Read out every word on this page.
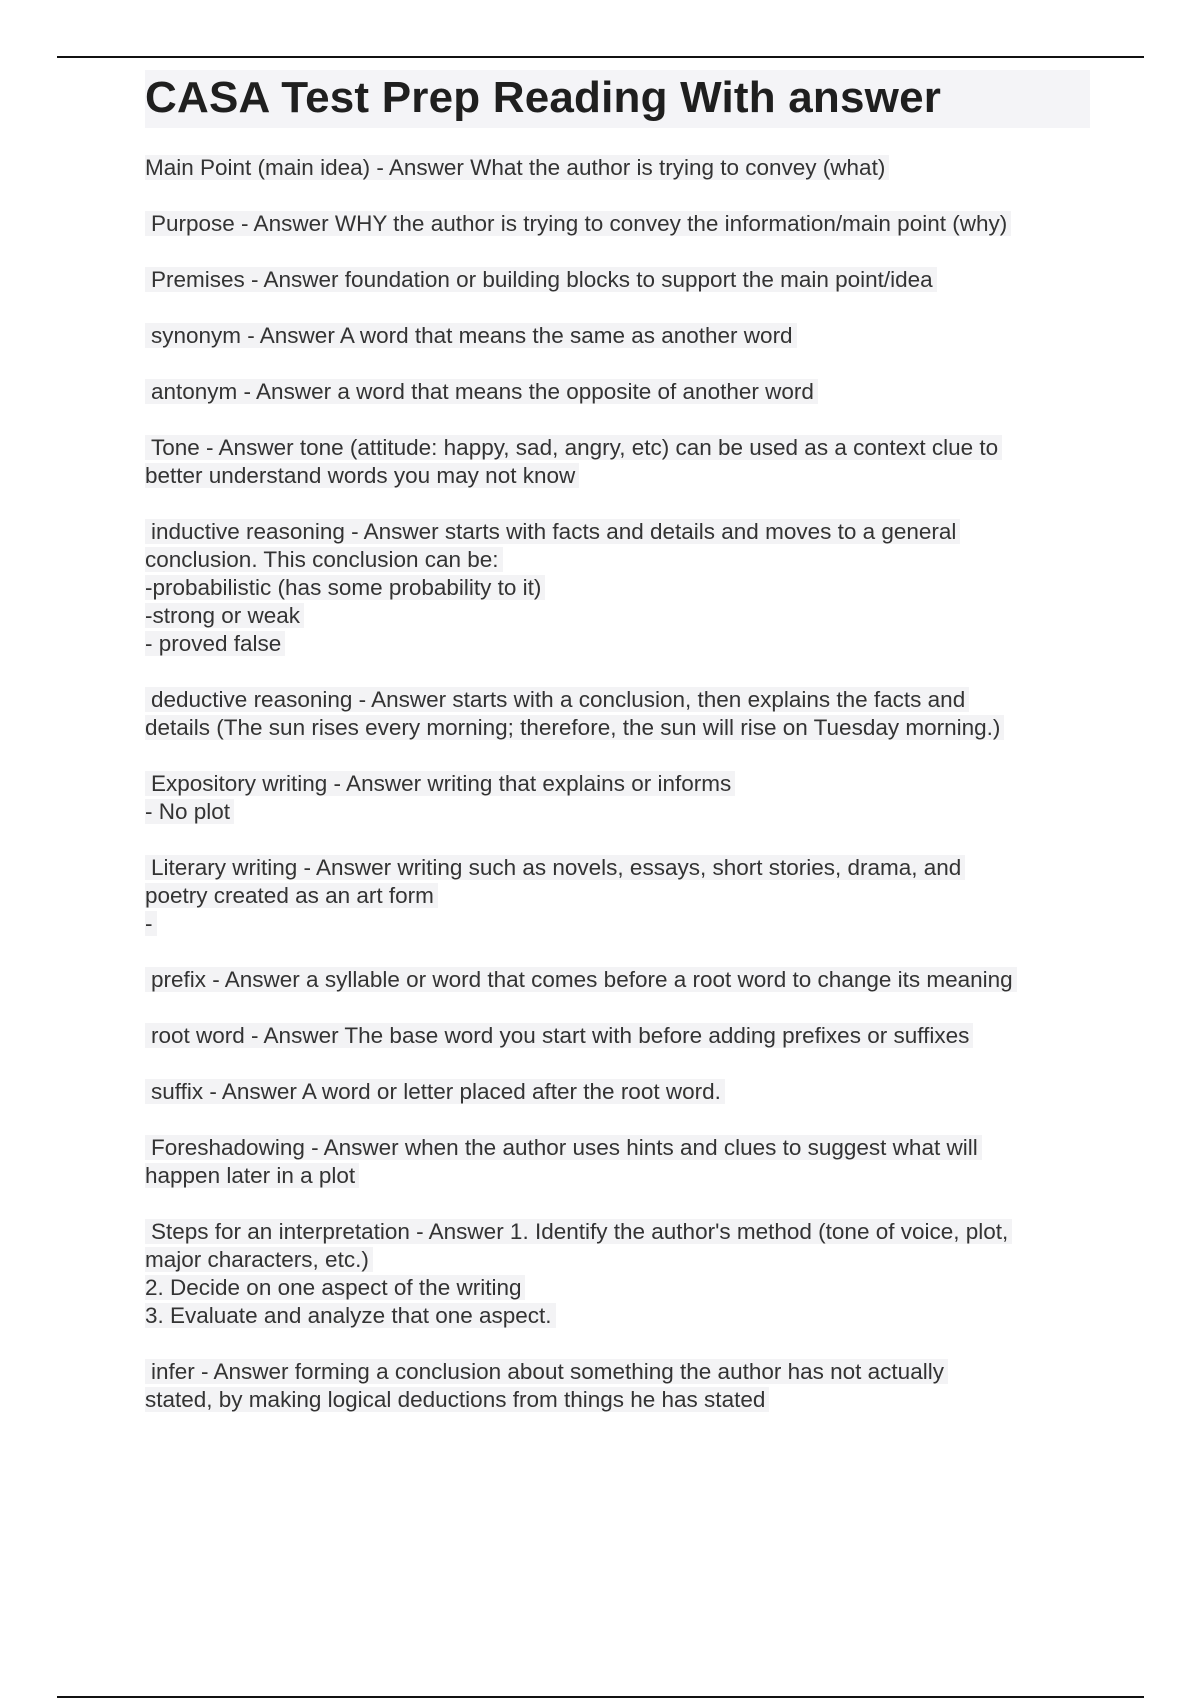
CASA Test Prep Reading With answer
Main Point (main idea) - Answer What the author is trying to convey (what)
Purpose - Answer WHY the author is trying to convey the information/main point (why)
Premises - Answer foundation or building blocks to support the main point/idea
synonym - Answer A word that means the same as another word
antonym - Answer a word that means the opposite of another word
Tone - Answer tone (attitude: happy, sad, angry, etc) can be used as a context clue to
better understand words you may not know
inductive reasoning - Answer starts with facts and details and moves to a general
conclusion. This conclusion can be:
-probabilistic (has some probability to it)
-strong or weak
- proved false
deductive reasoning - Answer starts with a conclusion, then explains the facts and
details (The sun rises every morning; therefore, the sun will rise on Tuesday morning.)
Expository writing - Answer writing that explains or informs
- No plot
Literary writing - Answer writing such as novels, essays, short stories, drama, and
poetry created as an art form
-
prefix - Answer a syllable or word that comes before a root word to change its meaning
root word - Answer The base word you start with before adding prefixes or suffixes
suffix - Answer A word or letter placed after the root word.
Foreshadowing - Answer when the author uses hints and clues to suggest what will
happen later in a plot
Steps for an interpretation - Answer 1. Identify the author's method (tone of voice, plot,
major characters, etc.)
2. Decide on one aspect of the writing
3. Evaluate and analyze that one aspect.
infer - Answer forming a conclusion about something the author has not actually
stated, by making logical deductions from things he has stated
